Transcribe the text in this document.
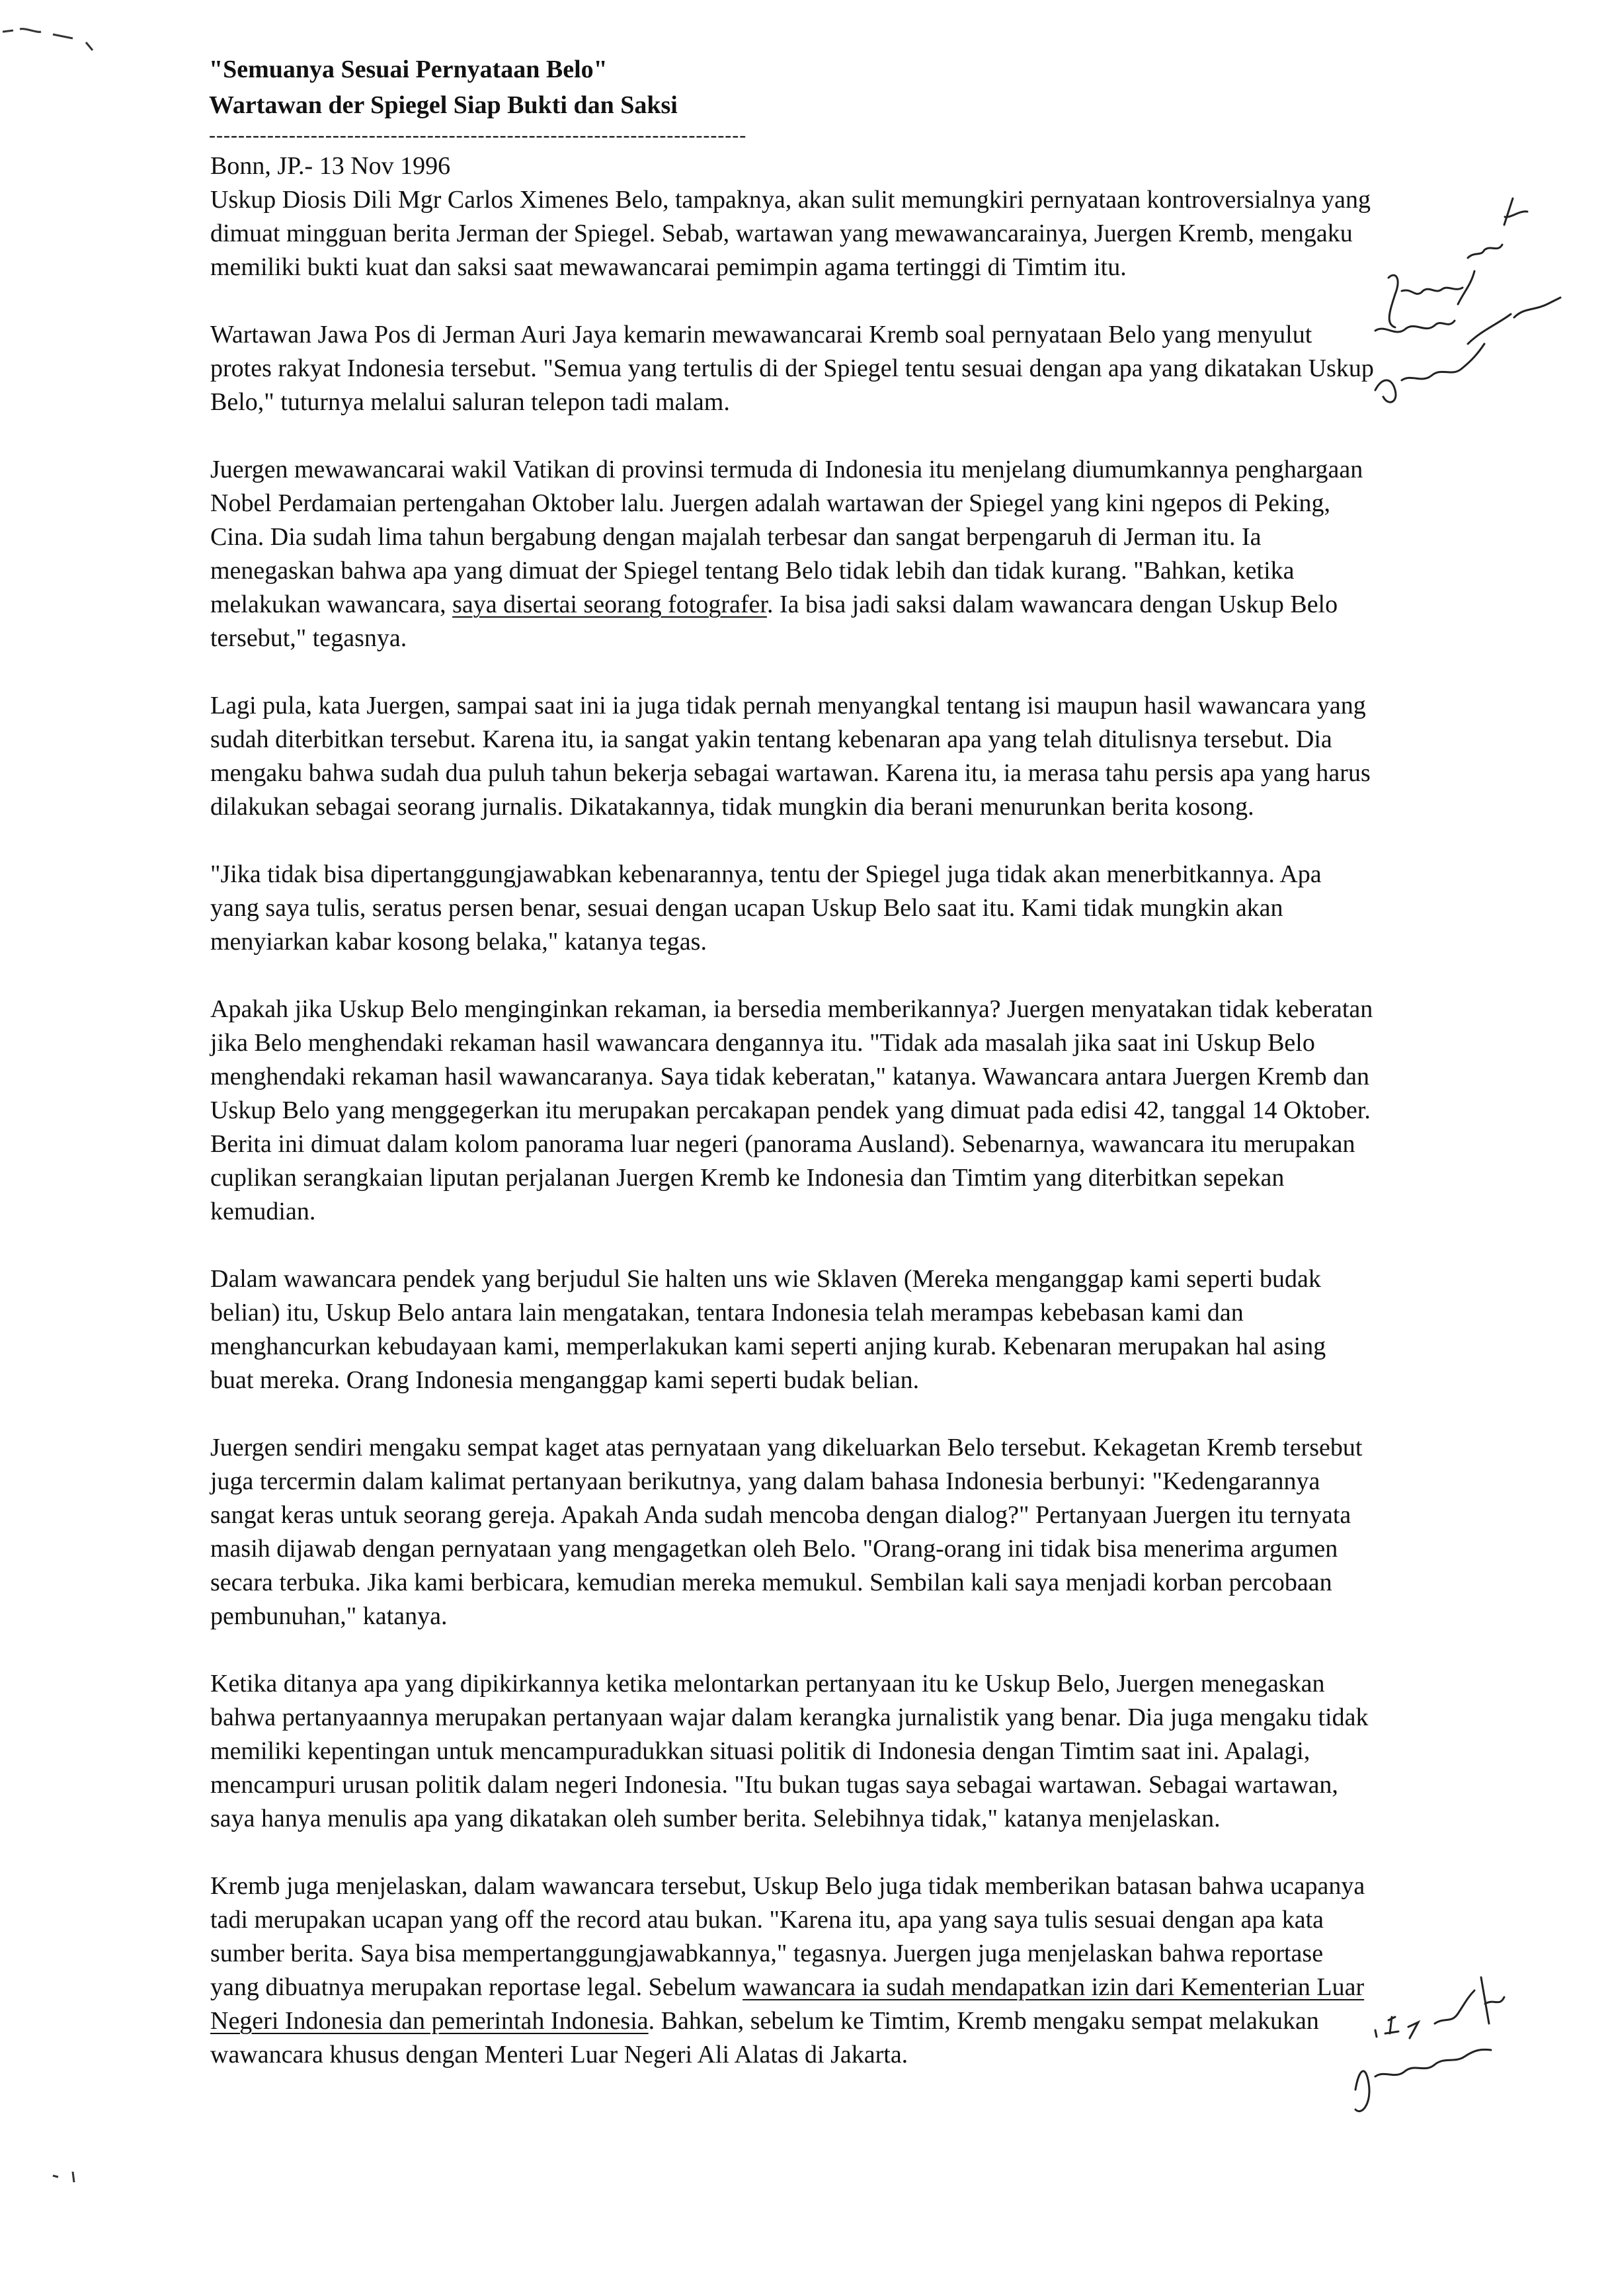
"Semuanya Sesuai Pernyataan Belo"

Wartawan der Spiegel Siap Bukti dan Saksi

--------------------------------------------------------------------------

Bonn, JP.- 13 Nov 1996

Uskup Diosis Dili Mgr Carlos Ximenes Belo, tampaknya, akan sulit memungkiri pernyataan kontroversialnya yang dimuat mingguan berita Jerman der Spiegel. Sebab, wartawan yang mewawancarainya, Juergen Kremb, mengaku memiliki bukti kuat dan saksi saat mewawancarai pemimpin agama tertinggi di Timtim itu.

Wartawan Jawa Pos di Jerman Auri Jaya kemarin mewawancarai Kremb soal pernyataan Belo yang menyulut protes rakyat Indonesia tersebut. "Semua yang tertulis di der Spiegel tentu sesuai dengan apa yang dikatakan Uskup Belo," tuturnya melalui saluran telepon tadi malam.

Juergen mewawancarai wakil Vatikan di provinsi termuda di Indonesia itu menjelang diumumkannya penghargaan Nobel Perdamaian pertengahan Oktober lalu. Juergen adalah wartawan der Spiegel yang kini ngepos di Peking, Cina. Dia sudah lima tahun bergabung dengan majalah terbesar dan sangat berpengaruh di Jerman itu. Ia menegaskan bahwa apa yang dimuat der Spiegel tentang Belo tidak lebih dan tidak kurang. "Bahkan, ketika melakukan wawancara, saya disertai seorang fotografer. Ia bisa jadi saksi dalam wawancara dengan Uskup Belo tersebut," tegasnya.

Lagi pula, kata Juergen, sampai saat ini ia juga tidak pernah menyangkal tentang isi maupun hasil wawancara yang sudah diterbitkan tersebut. Karena itu, ia sangat yakin tentang kebenaran apa yang telah ditulisnya tersebut. Dia mengaku bahwa sudah dua puluh tahun bekerja sebagai wartawan. Karena itu, ia merasa tahu persis apa yang harus dilakukan sebagai seorang jurnalis. Dikatakannya, tidak mungkin dia berani menurunkan berita kosong.

"Jika tidak bisa dipertanggungjawabkan kebenarannya, tentu der Spiegel juga tidak akan menerbitkannya. Apa yang saya tulis, seratus persen benar, sesuai dengan ucapan Uskup Belo saat itu. Kami tidak mungkin akan menyiarkan kabar kosong belaka," katanya tegas.

Apakah jika Uskup Belo menginginkan rekaman, ia bersedia memberikannya? Juergen menyatakan tidak keberatan jika Belo menghendaki rekaman hasil wawancara dengannya itu. "Tidak ada masalah jika saat ini Uskup Belo menghendaki rekaman hasil wawancaranya. Saya tidak keberatan," katanya. Wawancara antara Juergen Kremb dan Uskup Belo yang menggegerkan itu merupakan percakapan pendek yang dimuat pada edisi 42, tanggal 14 Oktober. Berita ini dimuat dalam kolom panorama luar negeri (panorama Ausland). Sebenarnya, wawancara itu merupakan cuplikan serangkaian liputan perjalanan Juergen Kremb ke Indonesia dan Timtim yang diterbitkan sepekan kemudian.

Dalam wawancara pendek yang berjudul Sie halten uns wie Sklaven (Mereka menganggap kami seperti budak belian) itu, Uskup Belo antara lain mengatakan, tentara Indonesia telah merampas kebebasan kami dan menghancurkan kebudayaan kami, memperlakukan kami seperti anjing kurab. Kebenaran merupakan hal asing buat mereka. Orang Indonesia menganggap kami seperti budak belian.

Juergen sendiri mengaku sempat kaget atas pernyataan yang dikeluarkan Belo tersebut. Kekagetan Kremb tersebut juga tercermin dalam kalimat pertanyaan berikutnya, yang dalam bahasa Indonesia berbunyi: "Kedengarannya sangat keras untuk seorang gereja. Apakah Anda sudah mencoba dengan dialog?" Pertanyaan Juergen itu ternyata masih dijawab dengan pernyataan yang mengagetkan oleh Belo. "Orang-orang ini tidak bisa menerima argumen secara terbuka. Jika kami berbicara, kemudian mereka memukul. Sembilan kali saya menjadi korban percobaan pembunuhan," katanya.

Ketika ditanya apa yang dipikirkannya ketika melontarkan pertanyaan itu ke Uskup Belo, Juergen menegaskan bahwa pertanyaannya merupakan pertanyaan wajar dalam kerangka jurnalistik yang benar. Dia juga mengaku tidak memiliki kepentingan untuk mencampuradukkan situasi politik di Indonesia dengan Timtim saat ini. Apalagi, mencampuri urusan politik dalam negeri Indonesia. "Itu bukan tugas saya sebagai wartawan. Sebagai wartawan, saya hanya menulis apa yang dikatakan oleh sumber berita. Selebihnya tidak," katanya menjelaskan.

Kremb juga menjelaskan, dalam wawancara tersebut, Uskup Belo juga tidak memberikan batasan bahwa ucapanya tadi merupakan ucapan yang off the record atau bukan. "Karena itu, apa yang saya tulis sesuai dengan apa kata sumber berita. Saya bisa mempertanggungjawabkannya," tegasnya. Juergen juga menjelaskan bahwa reportase yang dibuatnya merupakan reportase legal. Sebelum wawancara ia sudah mendapatkan izin dari Kementerian Luar Negeri Indonesia dan pemerintah Indonesia. Bahkan, sebelum ke Timtim, Kremb mengaku sempat melakukan wawancara khusus dengan Menteri Luar Negeri Ali Alatas di Jakarta.
